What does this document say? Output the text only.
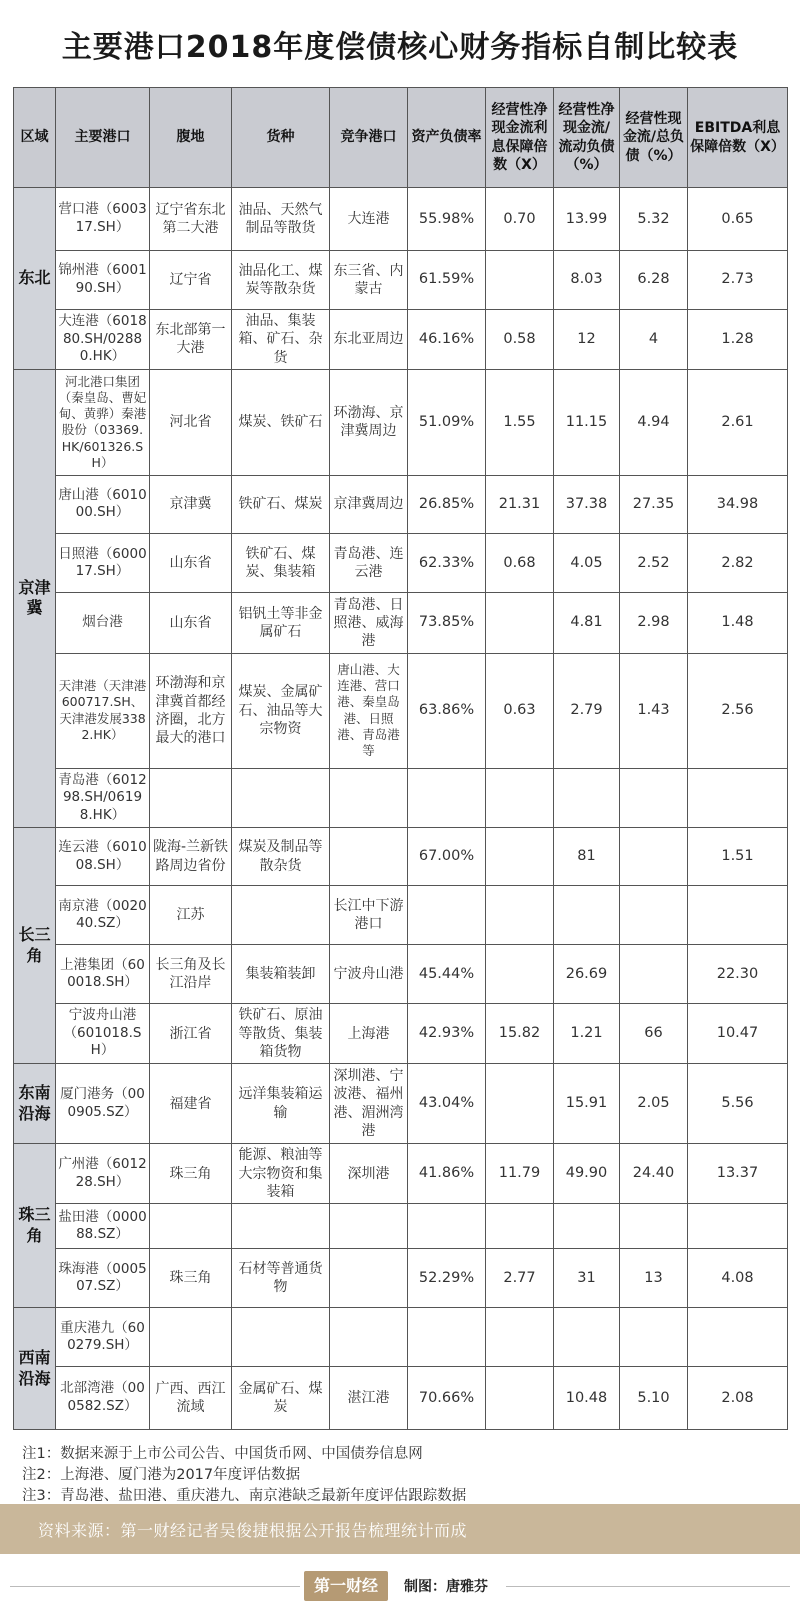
主要港口2018年度偿债核心财务指标自制比较表
区域	主要港口	腹地	货种	竞争港口	资产负债率	经营性净现金流利息保障倍数（X）	经营性净现金流/流动负债（%）	经营性现金流/总负债（%）	EBITDA利息保障倍数（X）
东北	营口港（600317.SH）	辽宁省东北第二大港	油品、天然气制品等散货	大连港	55.98%	0.70	13.99	5.32	0.65
	锦州港（600190.SH）	辽宁省	油品化工、煤炭等散杂货	东三省、内蒙古	61.59%		8.03	6.28	2.73
	大连港（601880.SH/02880.HK）	东北部第一大港	油品、集装箱、矿石、杂货	东北亚周边	46.16%	0.58	12	4	1.28
京津冀	河北港口集团（秦皇岛、曹妃甸、黄骅）秦港股份（03369.HK/601326.SH）	河北省	煤炭、铁矿石	环渤海、京津冀周边	51.09%	1.55	11.15	4.94	2.61
	唐山港（601000.SH）	京津冀	铁矿石、煤炭	京津冀周边	26.85%	21.31	37.38	27.35	34.98
	日照港（600017.SH）	山东省	铁矿石、煤炭、集装箱	青岛港、连云港	62.33%	0.68	4.05	2.52	2.82
	烟台港	山东省	铝钒土等非金属矿石	青岛港、日照港、威海港	73.85%		4.81	2.98	1.48
	天津港（天津港600717.SH、天津港发展3382.HK）	环渤海和京津冀首都经济圈，北方最大的港口	煤炭、金属矿石、油品等大宗物资	唐山港、大连港、营口港、秦皇岛港、日照港、青岛港等	63.86%	0.63	2.79	1.43	2.56
	青岛港（601298.SH/06198.HK）								
长三角	连云港（601008.SH）	陇海-兰新铁路周边省份	煤炭及制品等散杂货		67.00%		81		1.51
	南京港（002040.SZ）	江苏		长江中下游港口					
	上港集团（600018.SH）	长三角及长江沿岸	集装箱装卸	宁波舟山港	45.44%		26.69		22.30
	宁波舟山港（601018.SH）	浙江省	铁矿石、原油等散货、集装箱货物	上海港	42.93%	15.82	1.21	66	10.47
东南沿海	厦门港务（000905.SZ）	福建省	远洋集装箱运输	深圳港、宁波港、福州港、湄洲湾港	43.04%		15.91	2.05	5.56
珠三角	广州港（601228.SH）	珠三角	能源、粮油等大宗物资和集装箱	深圳港	41.86%	11.79	49.90	24.40	13.37
	盐田港（000088.SZ）								
	珠海港（000507.SZ）	珠三角	石材等普通货物		52.29%	2.77	31	13	4.08
西南沿海	重庆港九（600279.SH）								
	北部湾港（000582.SZ）	广西、西江流域	金属矿石、煤炭	湛江港	70.66%		10.48	5.10	2.08
注1：数据来源于上市公司公告、中国货币网、中国债券信息网
注2：上海港、厦门港为2017年度评估数据
注3：青岛港、盐田港、重庆港九、南京港缺乏最新年度评估跟踪数据
资料来源：第一财经记者吴俊捷根据公开报告梳理统计而成
第一财经	制图：唐雅芬
